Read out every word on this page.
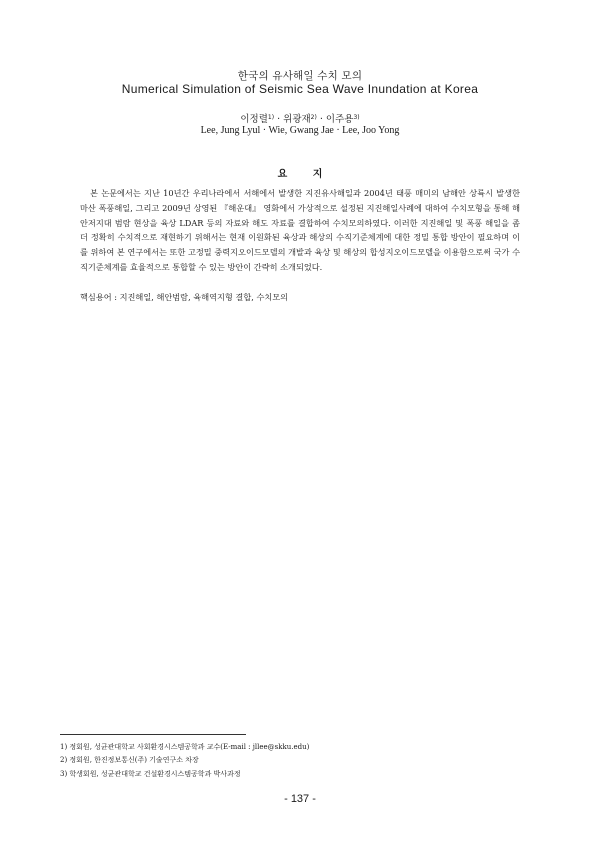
한국의 유사해일 수치 모의
Numerical Simulation of Seismic Sea Wave Inundation at Korea
이정렬$^{1)}$ · 위광재$^{2)}$ · 이주용$^{3)}$
Lee, Jung Lyul · Wie, Gwang Jae · Lee, Joo Yong
요 지

본 논문에서는 지난 10년간 우리나라에서 서해에서 발생한 지진유사해일과 2004년 태풍 매미의 남해안 상륙시 발생한 마산 폭풍해일, 그리고 2009년 상영된 『해운대』 영화에서 가상적으로 설정된 지진해일사례에 대하여 수치모형을 통해 해안저지대 범람 현상을 육상 LDAR 등의 자료와 해도 자료를 결합하여 수치모의하였다. 이러한 지진해일 및 폭풍 해일을 좀 더 정확히 수치적으로 재현하기 위해서는 현재 이원화된 육상과 해상의 수직기준체계에 대한 정밀 통합 방안이 필요하며 이를 위하여 본 연구에서는 또한 고정밀 중력지오이드모델의 개발과 육상 및 해상의 합성지오이드모델을 이용함으로써 국가 수직기준체계를 효율적으로 통합할 수 있는 방안이 간략히 소개되었다.

핵심용어 : 지진해일, 해안범람, 육해역지형 결합, 수치모의
1) 정회원, 성균관대학교 사회환경시스템공학과 교수(E-mail : jllee@skku.edu)
2) 정회원, 한진정보통신(주) 기술연구소 차장
3) 학생회원, 성균관대학교 건설환경시스템공학과 박사과정
- 137 -
